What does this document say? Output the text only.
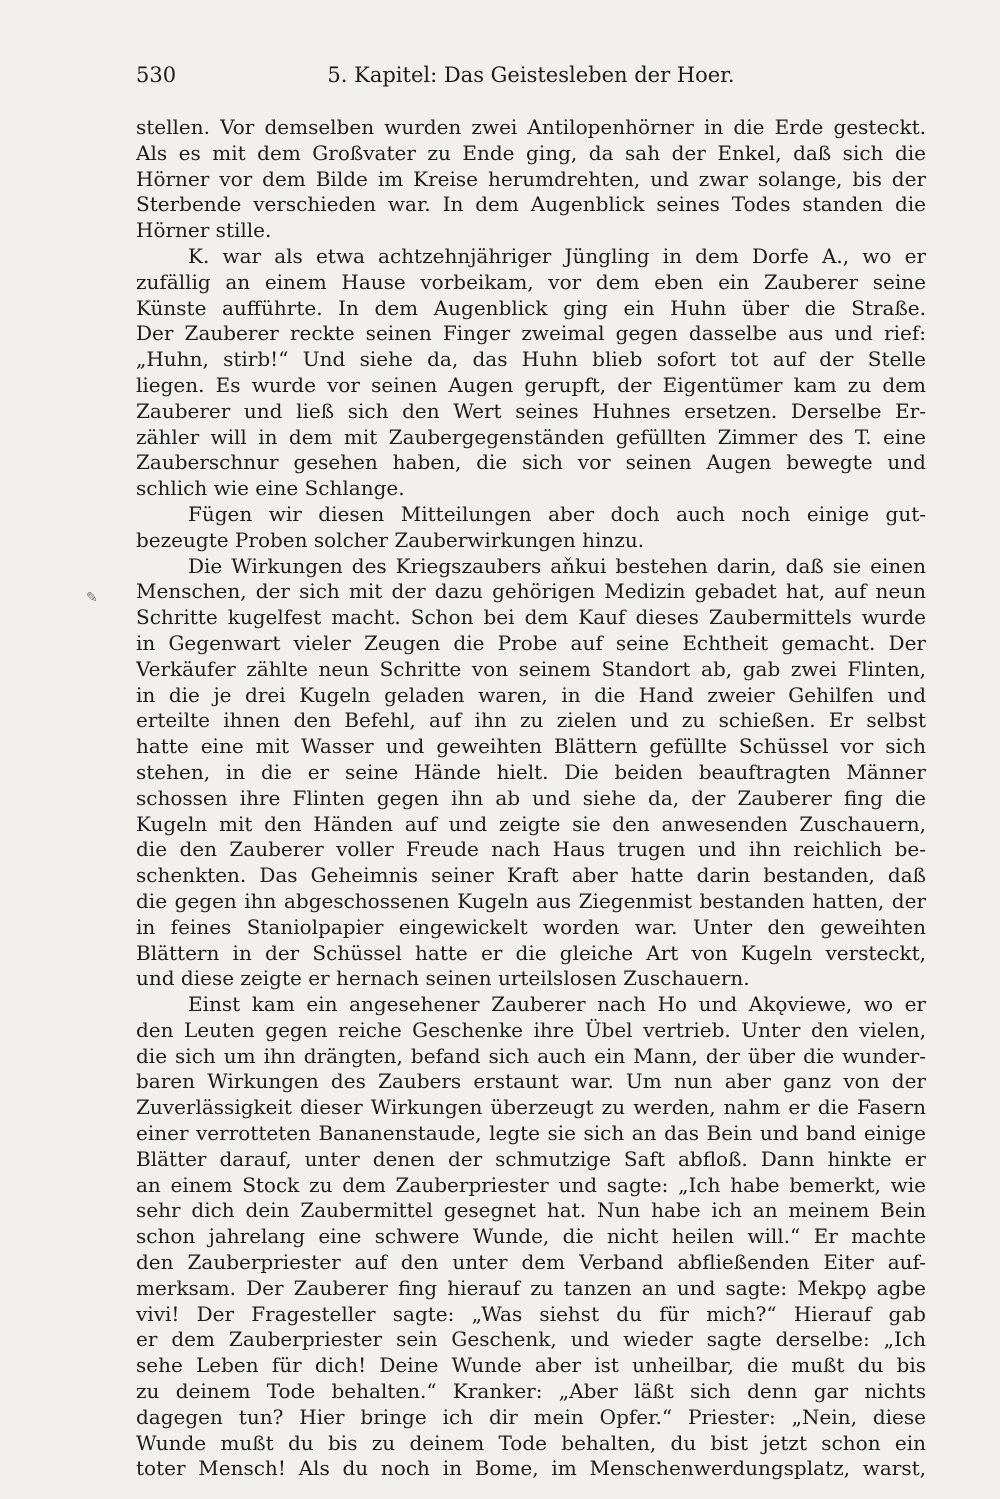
530	5. Kapitel: Das Geistesleben der Hoer.
✎
stellen. Vor demselben wurden zwei Antilopenhörner in die Erde gesteckt.
Als es mit dem Großvater zu Ende ging, da sah der Enkel, daß sich die
Hörner vor dem Bilde im Kreise herumdrehten, und zwar solange, bis der
Sterbende verschieden war. In dem Augenblick seines Todes standen die
Hörner stille.
K. war als etwa achtzehnjähriger Jüngling in dem Dorfe A., wo er
zufällig an einem Hause vorbeikam, vor dem eben ein Zauberer seine
Künste aufführte. In dem Augenblick ging ein Huhn über die Straße.
Der Zauberer reckte seinen Finger zweimal gegen dasselbe aus und rief:
„Huhn, stirb!“ Und siehe da, das Huhn blieb sofort tot auf der Stelle
liegen. Es wurde vor seinen Augen gerupft, der Eigentümer kam zu dem
Zauberer und ließ sich den Wert seines Huhnes ersetzen. Derselbe Er-
zähler will in dem mit Zaubergegenständen gefüllten Zimmer des T. eine
Zauberschnur gesehen haben, die sich vor seinen Augen bewegte und
schlich wie eine Schlange.
Fügen wir diesen Mitteilungen aber doch auch noch einige gut-
bezeugte Proben solcher Zauberwirkungen hinzu.
Die Wirkungen des Kriegszaubers aňkui bestehen darin, daß sie einen
Menschen, der sich mit der dazu gehörigen Medizin gebadet hat, auf neun
Schritte kugelfest macht. Schon bei dem Kauf dieses Zaubermittels wurde
in Gegenwart vieler Zeugen die Probe auf seine Echtheit gemacht. Der
Verkäufer zählte neun Schritte von seinem Standort ab, gab zwei Flinten,
in die je drei Kugeln geladen waren, in die Hand zweier Gehilfen und
erteilte ihnen den Befehl, auf ihn zu zielen und zu schießen. Er selbst
hatte eine mit Wasser und geweihten Blättern gefüllte Schüssel vor sich
stehen, in die er seine Hände hielt. Die beiden beauftragten Männer
schossen ihre Flinten gegen ihn ab und siehe da, der Zauberer fing die
Kugeln mit den Händen auf und zeigte sie den anwesenden Zuschauern,
die den Zauberer voller Freude nach Haus trugen und ihn reichlich be-
schenkten. Das Geheimnis seiner Kraft aber hatte darin bestanden, daß
die gegen ihn abgeschossenen Kugeln aus Ziegenmist bestanden hatten, der
in feines Staniolpapier eingewickelt worden war. Unter den geweihten
Blättern in der Schüssel hatte er die gleiche Art von Kugeln versteckt,
und diese zeigte er hernach seinen urteilslosen Zuschauern.
Einst kam ein angesehener Zauberer nach Ho und Akǫviewe, wo er
den Leuten gegen reiche Geschenke ihre Übel vertrieb. Unter den vielen,
die sich um ihn drängten, befand sich auch ein Mann, der über die wunder-
baren Wirkungen des Zaubers erstaunt war. Um nun aber ganz von der
Zuverlässigkeit dieser Wirkungen überzeugt zu werden, nahm er die Fasern
einer verrotteten Bananenstaude, legte sie sich an das Bein und band einige
Blätter darauf, unter denen der schmutzige Saft abfloß. Dann hinkte er
an einem Stock zu dem Zauberpriester und sagte: „Ich habe bemerkt, wie
sehr dich dein Zaubermittel gesegnet hat. Nun habe ich an meinem Bein
schon jahrelang eine schwere Wunde, die nicht heilen will.“ Er machte
den Zauberpriester auf den unter dem Verband abfließenden Eiter auf-
merksam. Der Zauberer fing hierauf zu tanzen an und sagte: Mekpǫ agbe
vivi! Der Fragesteller sagte: „Was siehst du für mich?“ Hierauf gab
er dem Zauberpriester sein Geschenk, und wieder sagte derselbe: „Ich
sehe Leben für dich! Deine Wunde aber ist unheilbar, die mußt du bis
zu deinem Tode behalten.“ Kranker: „Aber läßt sich denn gar nichts
dagegen tun? Hier bringe ich dir mein Opfer.“ Priester: „Nein, diese
Wunde mußt du bis zu deinem Tode behalten, du bist jetzt schon ein
toter Mensch! Als du noch in Bome, im Menschenwerdungsplatz, warst,
